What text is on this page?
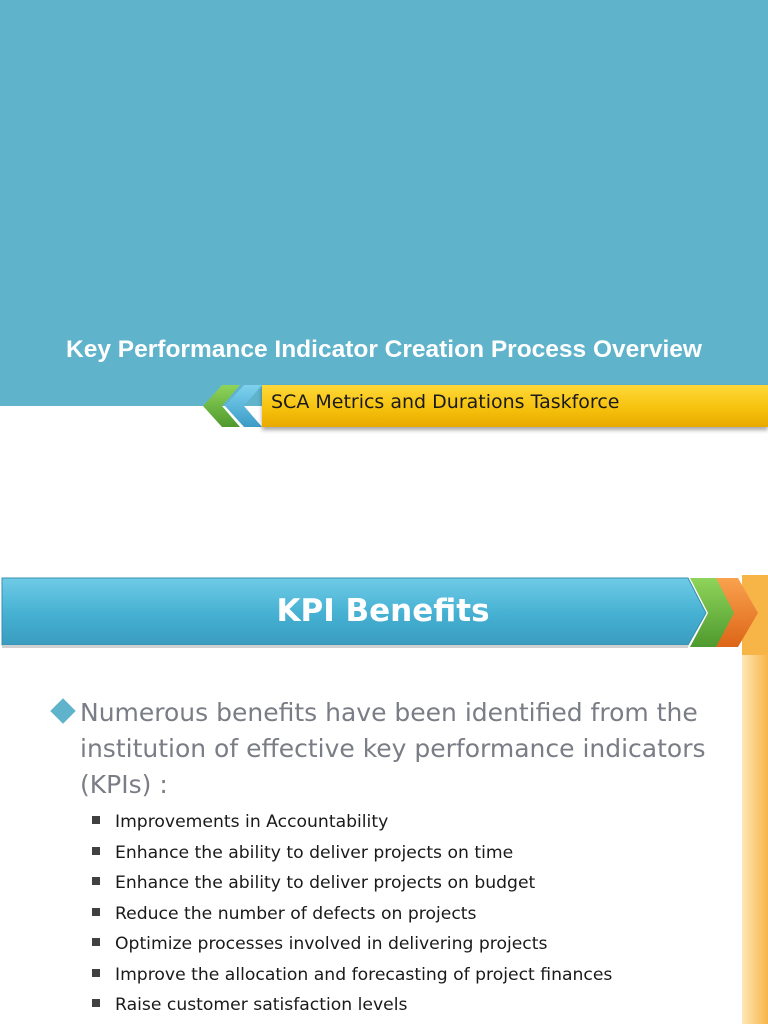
Key Performance Indicator Creation Process Overview
SCA Metrics and Durations Taskforce
KPI Benefits
Numerous benefits have been identified from the institution of effective key performance indicators (KPIs) :
Improvements in Accountability
Enhance the ability to deliver projects on time
Enhance the ability to deliver projects on budget
Reduce the number of defects on projects
Optimize processes involved in delivering projects
Improve the allocation and forecasting of project finances
Raise customer satisfaction levels
